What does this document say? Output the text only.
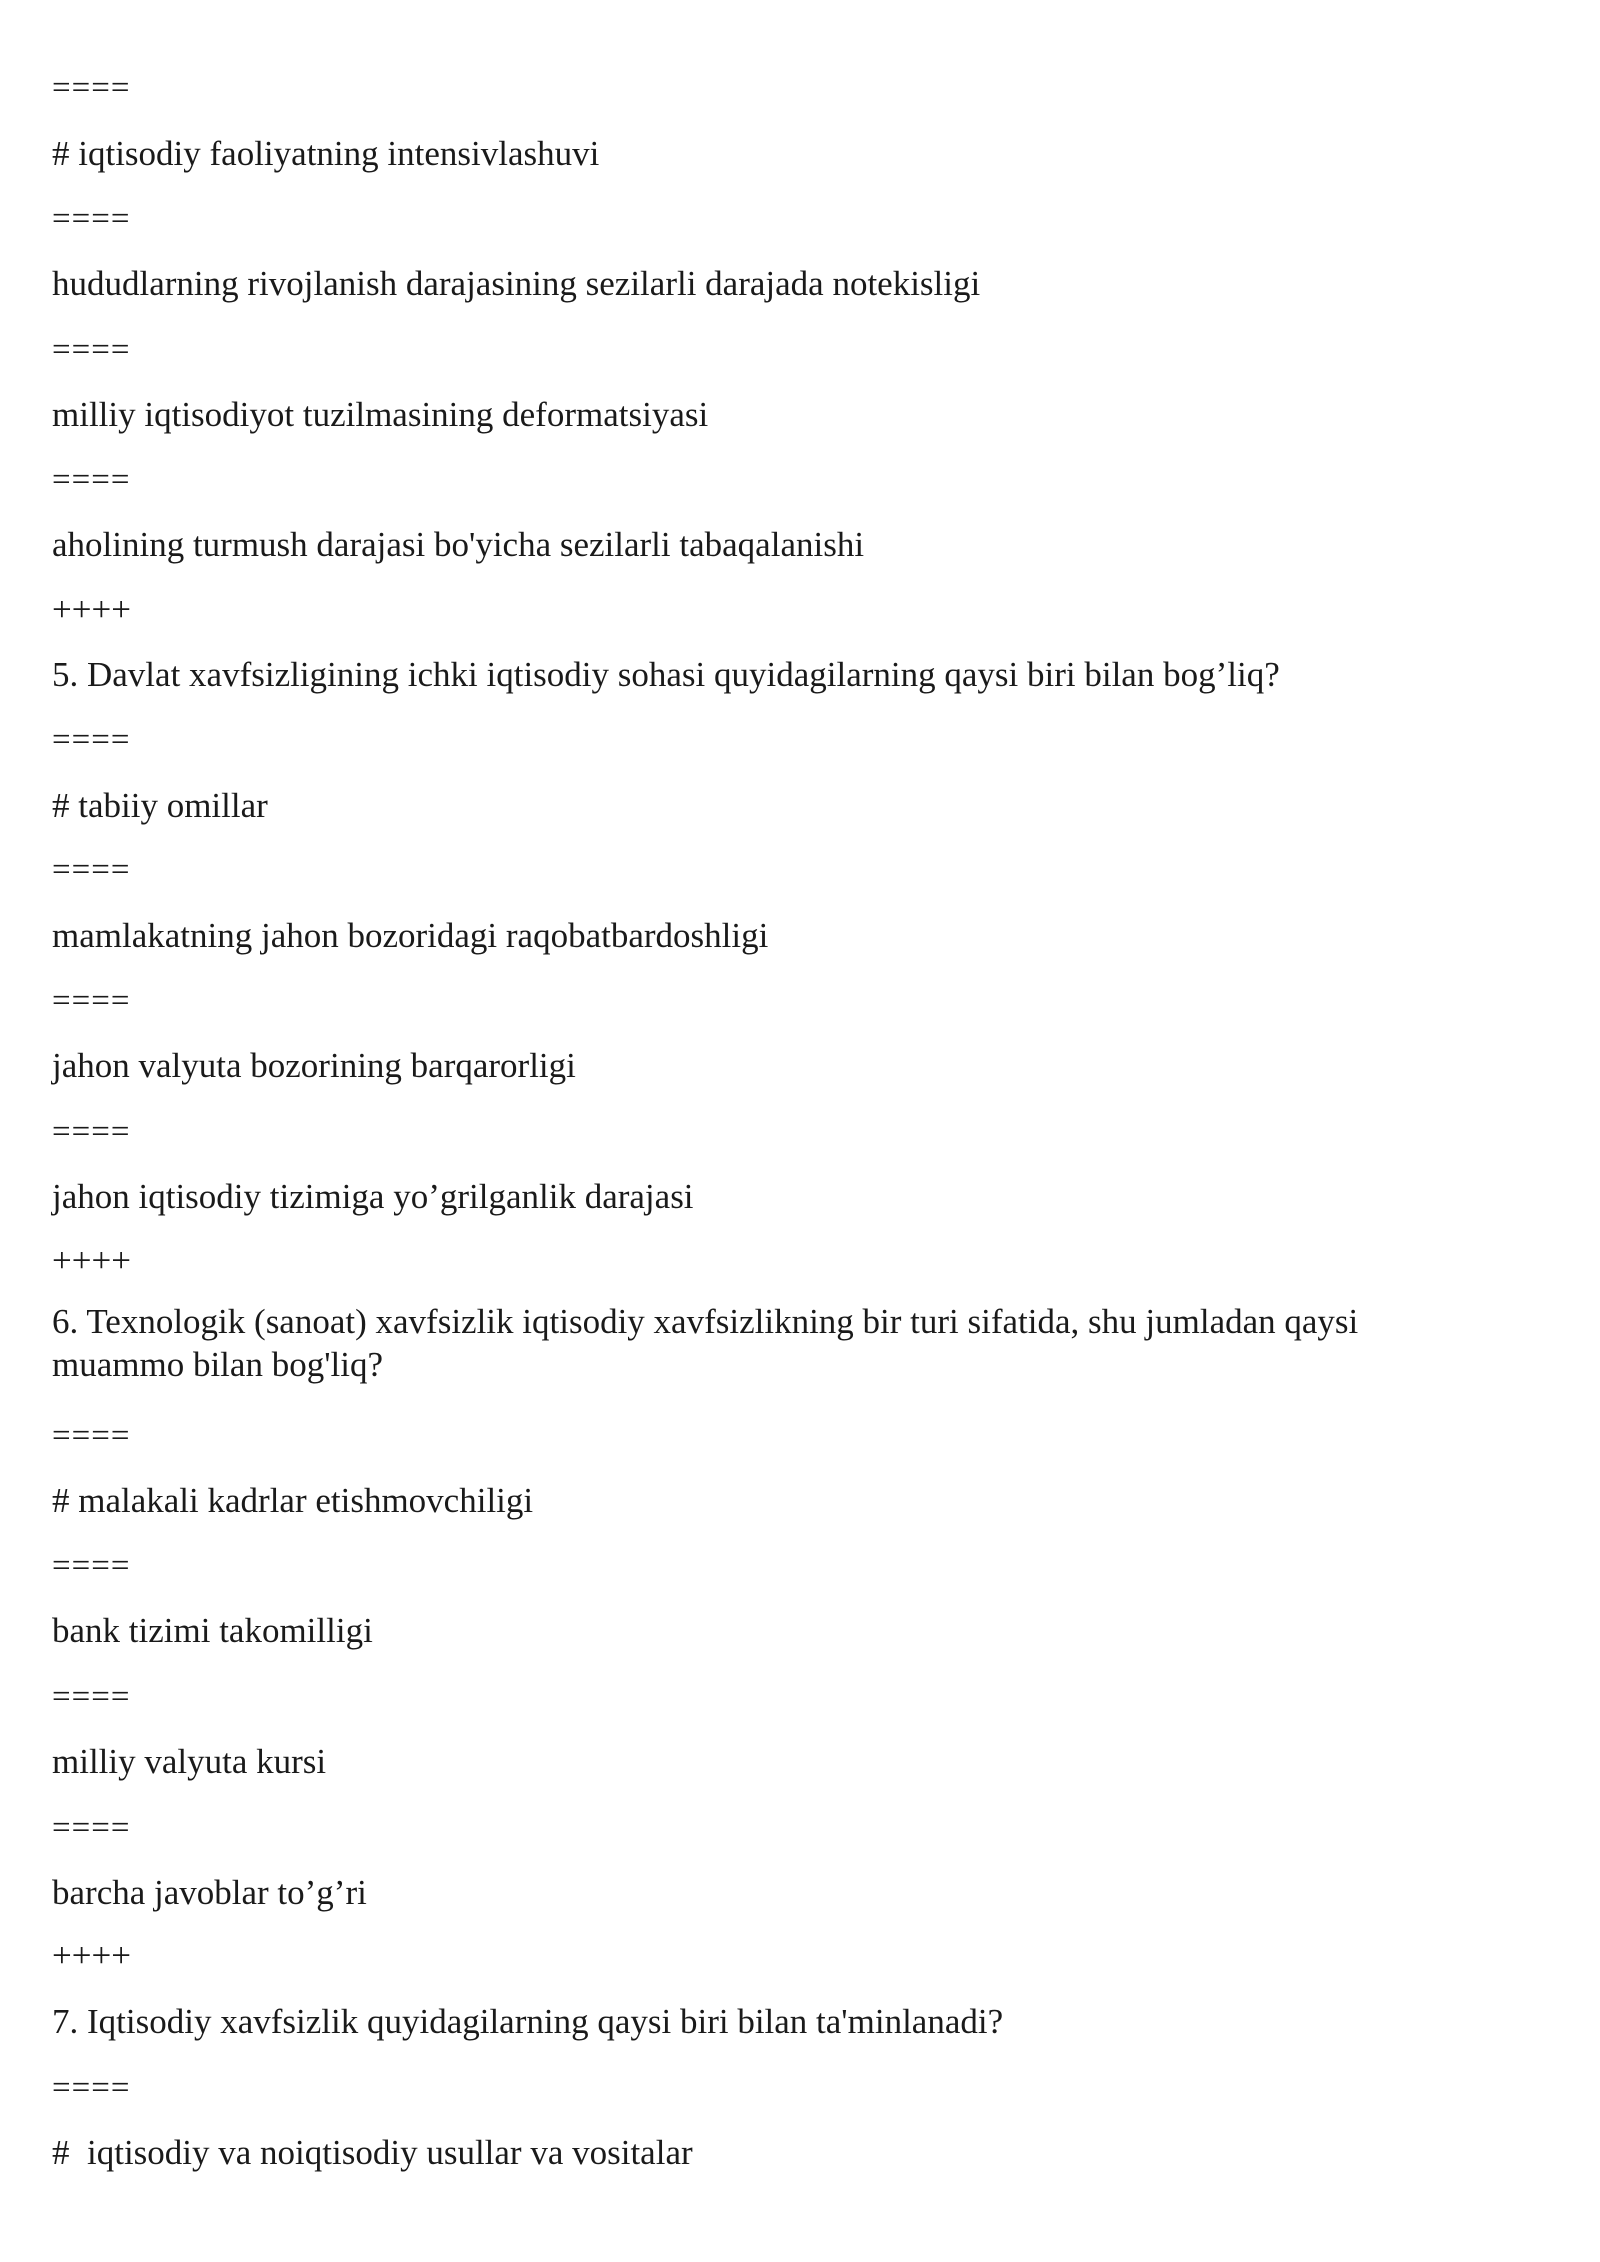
====
# iqtisodiy faoliyatning intensivlashuvi
====
hududlarning rivojlanish darajasining sezilarli darajada notekisligi
====
milliy iqtisodiyot tuzilmasining deformatsiyasi
====
aholining turmush darajasi bo'yicha sezilarli tabaqalanishi
++++
5. Davlat xavfsizligining ichki iqtisodiy sohasi quyidagilarning qaysi biri bilan bog’liq?
====
# tabiiy omillar
====
mamlakatning jahon bozoridagi raqobatbardoshligi
====
jahon valyuta bozorining barqarorligi
====
jahon iqtisodiy tizimiga yo’grilganlik darajasi
++++
6. Texnologik (sanoat) xavfsizlik iqtisodiy xavfsizlikning bir turi sifatida, shu jumladan qaysi muammo bilan bog'liq?
====
# malakali kadrlar etishmovchiligi
====
bank tizimi takomilligi
====
milliy valyuta kursi
====
barcha javoblar to’g’ri
++++
7. Iqtisodiy xavfsizlik quyidagilarning qaysi biri bilan ta'minlanadi?
====
#  iqtisodiy va noiqtisodiy usullar va vositalar
